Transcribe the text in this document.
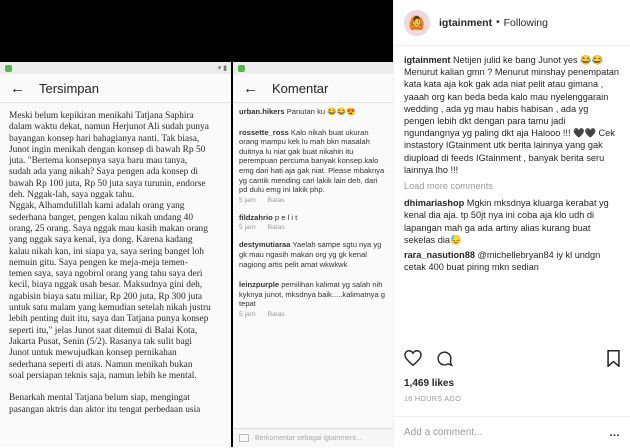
▾ ▮
← Tersimpan
Meski belum kepikiran menikahi Tatjana Saphira
dalam waktu dekat, namun Herjunot Ali sudah punya
bayangan konsep hari bahagianya nanti. Tak biasa,
Junot ingin menikah dengan konsep di bawah Rp 50
juta. "Bertema konsepnya saya baru mau tanya,
sudah ada yang nikah? Saya pengen ada konsep di
bawah Rp 100 juta, Rp 50 juta saya turunin, endorse
deh. Nggak-lah, saya nggak tahu.
Nggak, Alhamdulillah kami adalah orang yang
sederhana banget, pengen kalau nikah undang 40
orang, 25 orang. Saya nggak mau kasih makan orang
yang nggak saya kenal, iya dong. Karena kadang
kalau nikah kan, ini siapa ya, saya sering banget loh
nemuin gitu. Saya pengen ke meja-meja temen-
temen saya, saya ngobrol orang yang tahu saya deri
kecil, biaya nggak usah besar. Maksudnya gini deh,
ngabisin biaya satu miliar, Rp 200 juta, Rp 300 juta
untuk satu malam yang kemudian setelah nikah justru
lebih penting duit itu, saya dan Tatjana punya konsep
seperti itu," jelas Junot saat ditemui di Balai Kota,
Jakarta Pusat, Senin (5/2). Rasanya tak sulit bagi
Junot untuk mewujudkan konsep pernikahan
sederhana seperti di atas. Namun menikah bukan
soal persiapan teknis saja, namun lebih ke mental.

Benarkah mental Tatjana belum siap, mengingat
pasangan aktris dan aktor itu tengat perbedaan usia
← Komentar
urban.hikers Panutan ku 😂😂😍
rossette_ross Kalo nikah buat ukuran orang mampu kek lu mah bkn masalah duitnya lu niat gak buat nikahin itu perempuan percuma banyak konsep.kalo emg dari hati aja gak niat. Please mbaknya yg cantik mending cari lakik lain deh, dari pd dulu emg ini lakik php.
5 jam Balas
fildzahrio p e l i t
5 jam Balas
destymutiaraa Yaelah sampe sgtu nya yg gk mau ngasih makan org yg gk kenal nagiong artis pelit amat wkwkwk
leinzpurple pemilihan kalimat yg salah nih kyknya junot, mksdnya baik.....kalimatnya g tepat
5 jam Balas
Berkomentar sebagai igtainment...
🙆	igtainment • Following

igtainment Netijen julid ke bang Junot yes 😂😂 Menurut kalian gmn ? Menurut minshay penempatan kata kata aja kok gak ada niat pelit atau gimana , yaaah org kan beda beda kalo mau nyelenggarain wedding , ada yg mau habis habisan , ada yg pengen lebih dkt dengan para tamu jadi ngundangnya yg paling dkt aja Halooo !!! 🖤🖤 Cek instastory IGtainment utk berita lainnya yang gak diupload di feeds IGtainment , banyak berita seru lainnya lho !!!

Load more comments

dhimariashop Mgkin mksdnya kluarga kerabat yg kenal dia aja. tp 50jt nya ini coba aja klo udh di lapangan mah ga ada artiny alias kurang buat sekelas dia😓

rara_nasution88 @michellebryan84 iy kl undgn cetak 400 buat piring mkn sedian

1,469 likes
16 HOURS AGO
Add a comment...	…
